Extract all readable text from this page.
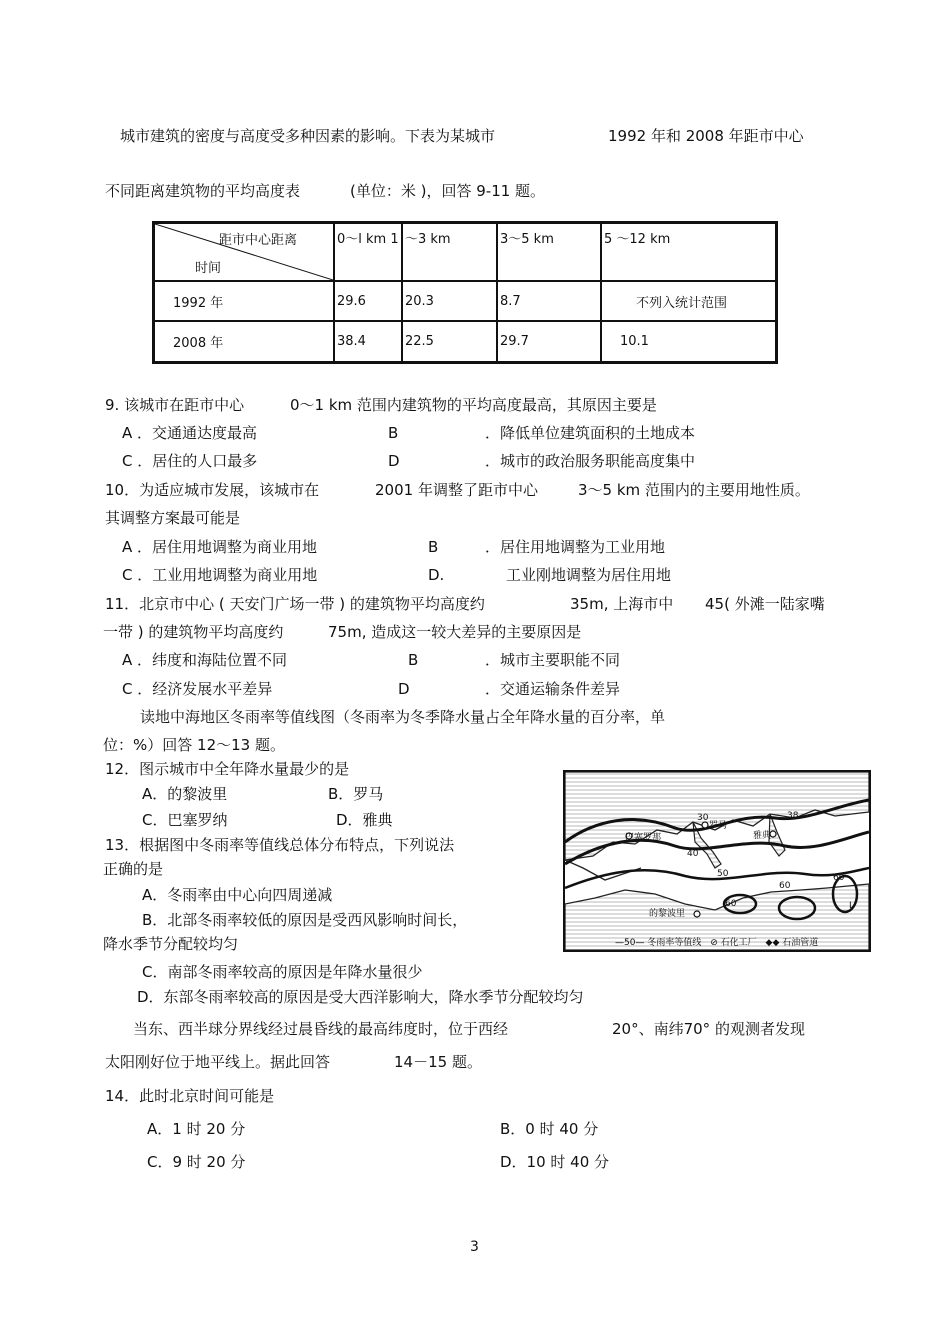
城市建筑的密度与高度受多种因素的影响。下表为某城市	1992 年和 2008 年距市中心
不同距离建筑物的平均高度表	(单位：米 )，回答 9-11 题。
距市中心距离
时间	0～l km 1	～3 km	3～5 km	5 ～12 km
1992 年	29.6	20.3	8.7	不列入统计范围
2008 年	38.4	22.5	29.7	10.1
9. 该城市在距市中心	0～1 km 范围内建筑物的平均高度最高，其原因主要是
A ．交通通达度最高	B	．降低单位建筑面积的土地成本
C ．居住的人口最多	D	．城市的政治服务职能高度集中
10．为适应城市发展，该城市在	2001 年调整了距市中心	3～5 km 范围内的主要用地性质。
其调整方案最可能是
A ．居住用地调整为商业用地	B	．居住用地调整为工业用地
C ．工业用地调整为商业用地	D.	工业刚地调整为居住用地
11．北京市中心 ( 天安门广场一带 ) 的建筑物平均高度约	35m, 上海市中 45( 外滩一陆家嘴
一带 ) 的建筑物平均高度约	75m, 造成这一较大差异的主要原因是
A ．纬度和海陆位置不同	B	．城市主要职能不同
C ．经济发展水平差异	D	．交通运输条件差异
读地中海地区冬雨率等值线图（冬雨率为冬季降水量占全年降水量的百分率，单
位：%）回答 12～13 题。
12．图示城市中全年降水量最少的是
A．的黎波里	B．罗马
C．巴塞罗纳	D．雅典
13．根据图中冬雨率等值线总体分布特点，下列说法
正确的是
A．冬雨率由中心向四周递减
B．北部冬雨率较低的原因是受西风影响时间长，
降水季节分配较均匀
C．南部冬雨率较高的原因是年降水量很少
D．东部冬雨率较高的原因是受大西洋影响大，降水季节分配较均匀
罗马
巴塞罗那	雅典
的黎波里
30	38
40
50
60
60
60
L
—50— 冬雨率等值线 ⊘ 石化工厂 ◆◆ 石油管道
当东、西半球分界线经过晨昏线的最高纬度时，位于西经	20°、南纬70° 的观测者发现
太阳刚好位于地平线上。据此回答	14－15 题。
14．此时北京时间可能是
A．1 时 20 分	B．0 时 40 分
C．9 时 20 分	D．10 时 40 分
3
